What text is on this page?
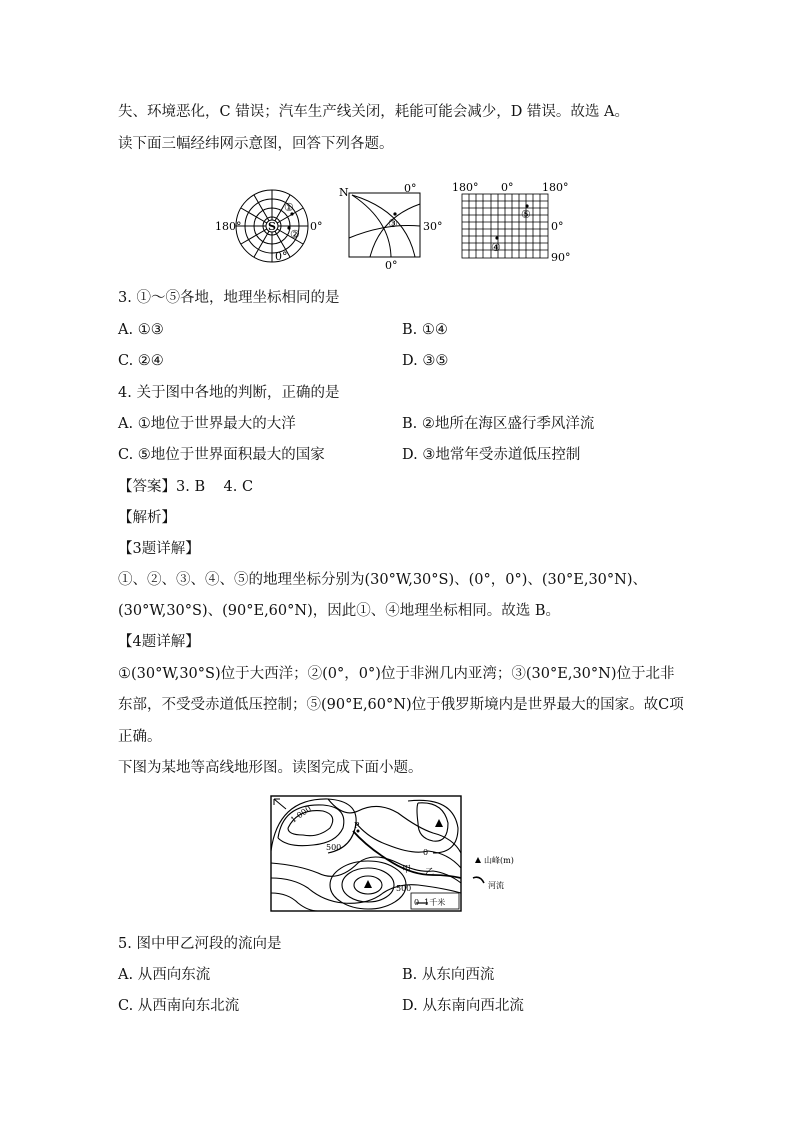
失、环境恶化，C 错误；汽车生产线关闭，耗能可能会减少，D 错误。故选 A。
读下面三幅经纬网示意图，回答下列各题。
S
180°	0°
0°
①
②
N	0°
30°
0°
③
180° 0°	180°
0°
90°
⑤
④
3. ①～⑤各地，地理坐标相同的是
A. ①③	B. ①④
C. ②④	D. ③⑤
4. 关于图中各地的判断，正确的是
A. ①地位于世界最大的大洋	B. ②地所在海区盛行季风洋流
C. ⑤地位于世界面积最大的国家	D. ③地常年受赤道低压控制
【答案】3. B    4. C
【解析】
【3题详解】
①、②、③、④、⑤的地理坐标分别为(30°W,30°S)、(0°，0°)、(30°E,30°N)、
(30°W,30°S)、(90°E,60°N)，因此①、④地理坐标相同。故选 B。
【4题详解】
①(30°W,30°S)位于大西洋；②(0°，0°)位于非洲几内亚湾；③(30°E,30°N)位于北非
东部，不受受赤道低压控制；⑤(90°E,60°N)位于俄罗斯境内是世界最大的国家。故C项
正确。
下图为某地等高线地形图。读图完成下面小题。
1 000
500
0
500
P
甲 乙
0  1千米
山峰(m)
河流
5. 图中甲乙河段的流向是
A. 从西向东流	B. 从东向西流
C. 从西南向东北流	D. 从东南向西北流
